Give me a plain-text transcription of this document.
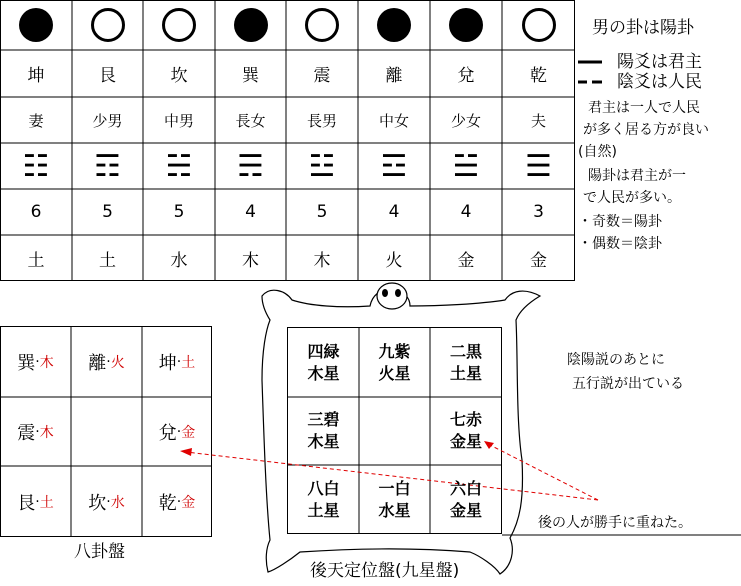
坤
妻
☷
6
土
艮
少男
☶
5
土
坎
中男
☵
5
水
巽
長女
☴
4
木
震
長男
☳
5
木
離
中女
☲
4
火
兌
少女
☱
4
金
乾
夫
☰
3
金
男の卦は陽卦
陽爻は君主
陰爻は人民
君主は一人で人民
が多く居る方が良い
(自然)
陽卦は君主が一
で人民が多い。
・奇数＝陽卦
・偶数＝陰卦
巽 · 木 離 · 火 坤 · 土
震 · 木	兌 · 金
艮 · 土 坎 · 水 乾 · 金
八卦盤
四緑
木星
九紫
火星
二黒
土星
三碧
木星
七赤
金星
八白
土星
一白
水星
六白
金星
後天定位盤(九星盤)
陰陽説のあとに
五行説が出ている
後の人が勝手に重ねた。
